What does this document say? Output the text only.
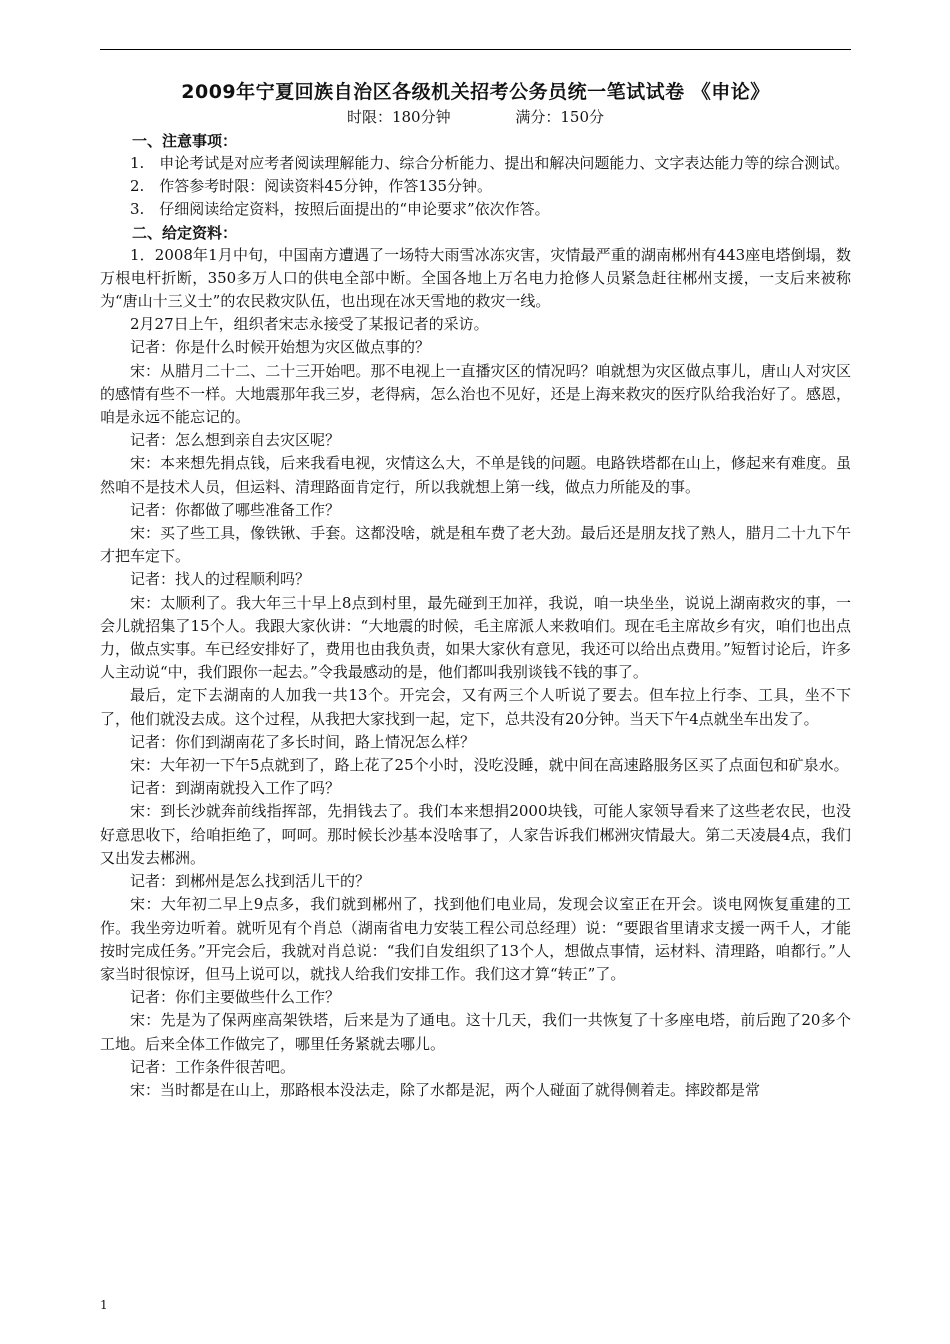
2009年宁夏回族自治区各级机关招考公务员统一笔试试卷 《申论》
时限：180分钟	满分：150分
一、注意事项：

1.　申论考试是对应考者阅读理解能力、综合分析能力、提出和解决问题能力、文字表达能力等的综合测试。

2.　作答参考时限：阅读资料45分钟，作答135分钟。

3.　仔细阅读给定资料，按照后面提出的“申论要求”依次作答。

二、给定资料：

1．2008年1月中旬，中国南方遭遇了一场特大雨雪冰冻灾害，灾情最严重的湖南郴州有443座电塔倒塌，数万根电杆折断，350多万人口的供电全部中断。全国各地上万名电力抢修人员紧急赶往郴州支援，一支后来被称为“唐山十三义士”的农民救灾队伍，也出现在冰天雪地的救灾一线。

2月27日上午，组织者宋志永接受了某报记者的采访。

记者：你是什么时候开始想为灾区做点事的？

宋：从腊月二十二、二十三开始吧。那不电视上一直播灾区的情况吗？咱就想为灾区做点事儿，唐山人对灾区的感情有些不一样。大地震那年我三岁，老得病，怎么治也不见好，还是上海来救灾的医疗队给我治好了。感恩，咱是永远不能忘记的。

记者：怎么想到亲自去灾区呢？

宋：本来想先捐点钱，后来我看电视，灾情这么大，不单是钱的问题。电路铁塔都在山上，修起来有难度。虽然咱不是技术人员，但运料、清理路面肯定行，所以我就想上第一线，做点力所能及的事。

记者：你都做了哪些准备工作？

宋：买了些工具，像铁锹、手套。这都没啥，就是租车费了老大劲。最后还是朋友找了熟人，腊月二十九下午才把车定下。

记者：找人的过程顺利吗？

宋：太顺利了。我大年三十早上8点到村里，最先碰到王加祥，我说，咱一块坐坐，说说上湖南救灾的事，一会儿就招集了15个人。我跟大家伙讲：“大地震的时候，毛主席派人来救咱们。现在毛主席故乡有灾，咱们也出点力，做点实事。车已经安排好了，费用也由我负责，如果大家伙有意见，我还可以给出点费用。”短暂讨论后，许多人主动说“中，我们跟你一起去。”令我最感动的是，他们都叫我别谈钱不钱的事了。

最后，定下去湖南的人加我一共13个。开完会，又有两三个人听说了要去。但车拉上行李、工具，坐不下了，他们就没去成。这个过程，从我把大家找到一起，定下，总共没有20分钟。当天下午4点就坐车出发了。

记者：你们到湖南花了多长时间，路上情况怎么样？

宋：大年初一下午5点就到了，路上花了25个小时，没吃没睡，就中间在高速路服务区买了点面包和矿泉水。

记者：到湖南就投入工作了吗？

宋：到长沙就奔前线指挥部，先捐钱去了。我们本来想捐2000块钱，可能人家领导看来了这些老农民，也没好意思收下，给咱拒绝了，呵呵。那时候长沙基本没啥事了，人家告诉我们郴洲灾情最大。第二天凌晨4点，我们又出发去郴洲。

记者：到郴州是怎么找到活儿干的？

宋：大年初二早上9点多，我们就到郴州了，找到他们电业局，发现会议室正在开会。谈电网恢复重建的工作。我坐旁边听着。就听见有个肖总（湖南省电力安装工程公司总经理）说：“要跟省里请求支援一两千人，才能按时完成任务。”开完会后，我就对肖总说：“我们自发组织了13个人，想做点事情，运材料、清理路，咱都行。”人家当时很惊讶，但马上说可以，就找人给我们安排工作。我们这才算“转正”了。

记者：你们主要做些什么工作？

宋：先是为了保两座高架铁塔，后来是为了通电。这十几天，我们一共恢复了十多座电塔，前后跑了20多个工地。后来全体工作做完了，哪里任务紧就去哪儿。

记者：工作条件很苦吧。

宋：当时都是在山上，那路根本没法走，除了水都是泥，两个人碰面了就得侧着走。摔跤都是常

1
